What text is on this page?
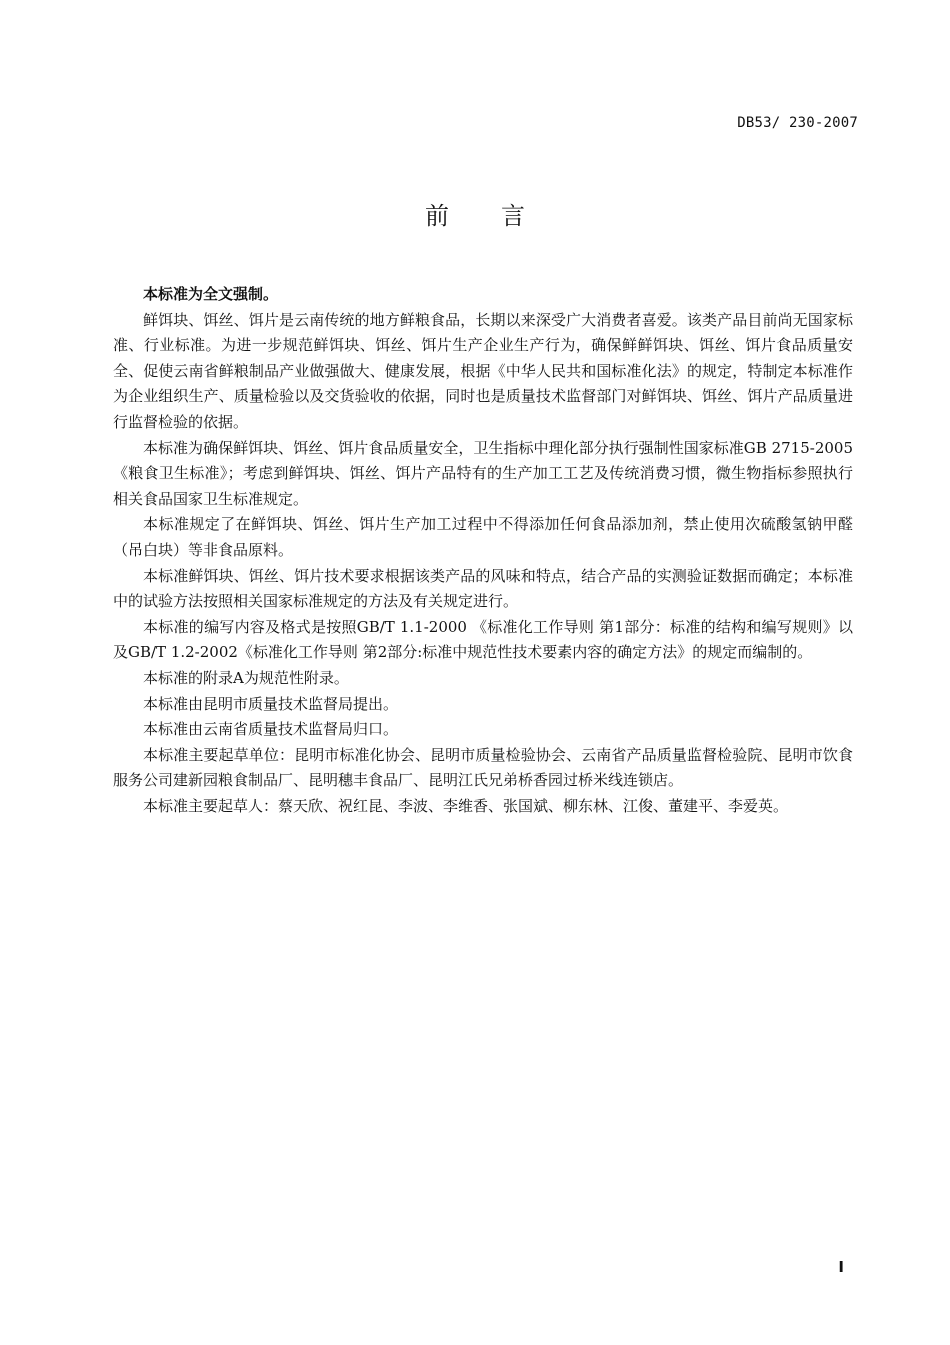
DB53/ 230-2007
前言

本标准为全文强制。

鲜饵块、饵丝、饵片是云南传统的地方鲜粮食品，长期以来深受广大消费者喜爱。该类产品目前尚无国家标准、行业标准。为进一步规范鲜饵块、饵丝、饵片生产企业生产行为，确保鲜鲜饵块、饵丝、饵片食品质量安全、促使云南省鲜粮制品产业做强做大、健康发展，根据《中华人民共和国标准化法》的规定，特制定本标准作为企业组织生产、质量检验以及交货验收的依据，同时也是质量技术监督部门对鲜饵块、饵丝、饵片产品质量进行监督检验的依据。

本标准为确保鲜饵块、饵丝、饵片食品质量安全，卫生指标中理化部分执行强制性国家标准GB 2715-2005《粮食卫生标准》；考虑到鲜饵块、饵丝、饵片产品特有的生产加工工艺及传统消费习惯，微生物指标参照执行相关食品国家卫生标准规定。

本标准规定了在鲜饵块、饵丝、饵片生产加工过程中不得添加任何食品添加剂，禁止使用次硫酸氢钠甲醛（吊白块）等非食品原料。

本标准鲜饵块、饵丝、饵片技术要求根据该类产品的风味和特点，结合产品的实测验证数据而确定；本标准中的试验方法按照相关国家标准规定的方法及有关规定进行。

本标准的编写内容及格式是按照GB/T 1.1-2000 《标准化工作导则 第1部分：标准的结构和编写规则》以及GB/T 1.2-2002《标准化工作导则 第2部分:标准中规范性技术要素内容的确定方法》的规定而编制的。

本标准的附录A为规范性附录。

本标准由昆明市质量技术监督局提出。

本标准由云南省质量技术监督局归口。

本标准主要起草单位：昆明市标准化协会、昆明市质量检验协会、云南省产品质量监督检验院、昆明市饮食服务公司建新园粮食制品厂、昆明穗丰食品厂、昆明江氏兄弟桥香园过桥米线连锁店。

本标准主要起草人：蔡天欣、祝红昆、李波、李维香、张国斌、柳东林、江俊、董建平、李爱英。

I
